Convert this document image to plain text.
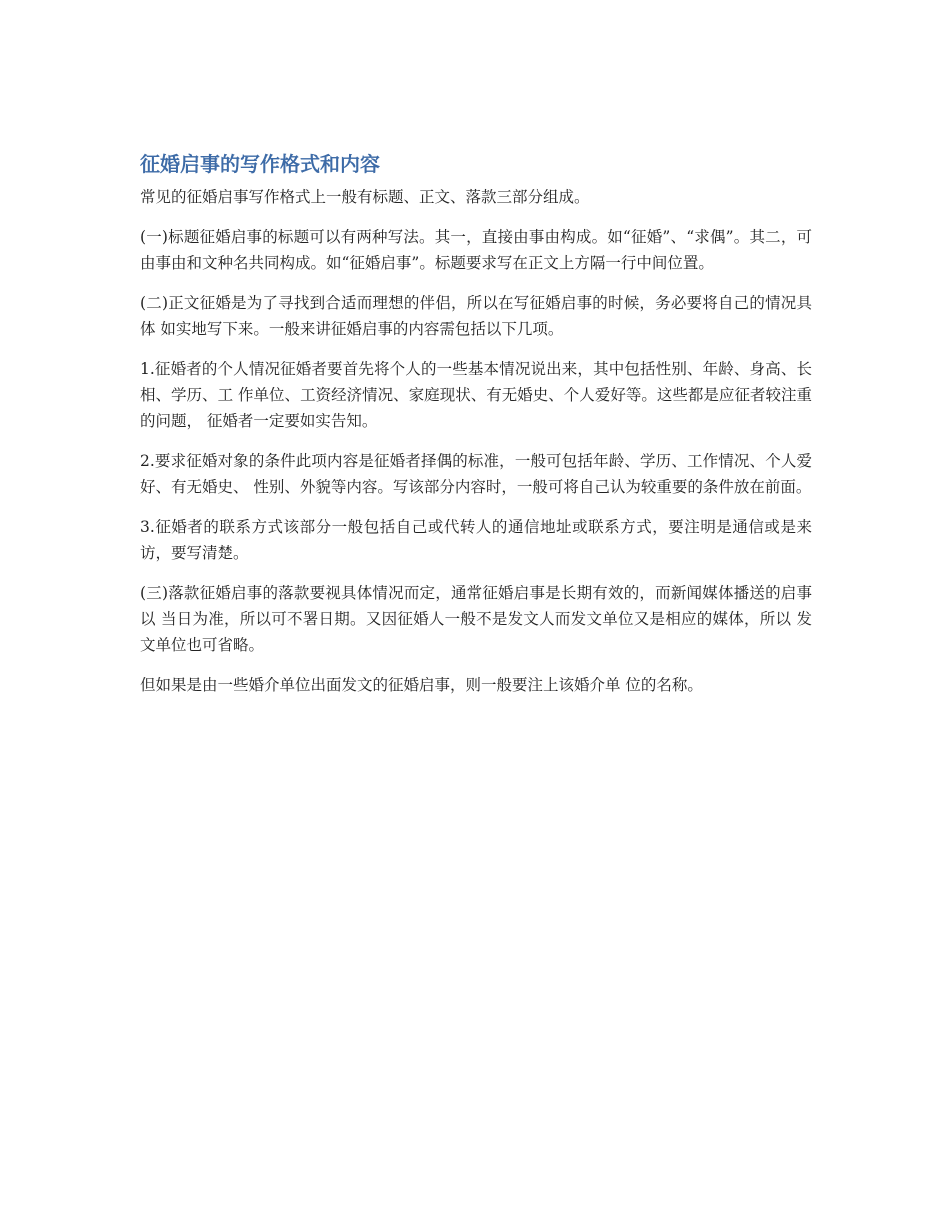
征婚启事的写作格式和内容

常见的征婚启事写作格式上一般有标题、正文、落款三部分组成。

(一)标题征婚启事的标题可以有两种写法。其一，直接由事由构成。如“征婚”、“求偶”。其二，可由事由和文种名共同构成。如“征婚启事”。标题要求写在正文上方隔一行中间位置。

(二)正文征婚是为了寻找到合适而理想的伴侣，所以在写征婚启事的时候，务必要将自己的情况具体 如实地写下来。一般来讲征婚启事的内容需包括以下几项。

1.征婚者的个人情况征婚者要首先将个人的一些基本情况说出来，其中包括性别、年龄、身高、长相、学历、工 作单位、工资经济情况、家庭现状、有无婚史、个人爱好等。这些都是应征者较注重的问题， 征婚者一定要如实告知。

2.要求征婚对象的条件此项内容是征婚者择偶的标准，一般可包括年龄、学历、工作情况、个人爱好、有无婚史、 性别、外貌等内容。写该部分内容时，一般可将自己认为较重要的条件放在前面。

3.征婚者的联系方式该部分一般包括自己或代转人的通信地址或联系方式，要注明是通信或是来访，要写清楚。

(三)落款征婚启事的落款要视具体情况而定，通常征婚启事是长期有效的，而新闻媒体播送的启事以 当日为准，所以可不署日期。又因征婚人一般不是发文人而发文单位又是相应的媒体，所以 发文单位也可省略。

但如果是由一些婚介单位出面发文的征婚启事，则一般要注上该婚介单 位的名称。
